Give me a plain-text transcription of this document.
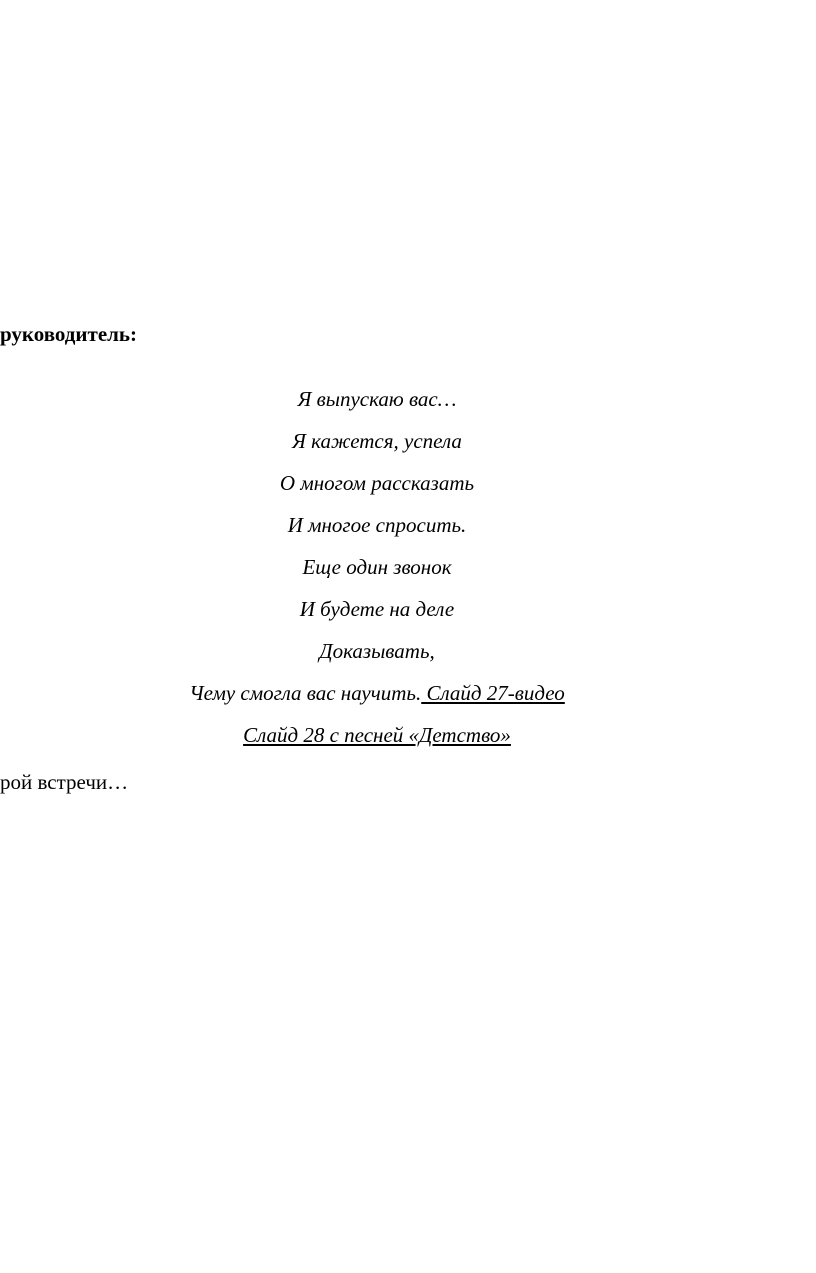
руководитель:

Я выпускаю вас…
Я кажется, успела
О многом рассказать
И многое спросить.
Еще один звонок
И будете на деле
Доказывать,
Чему смогла вас научить. Слайд 27-видео
Слайд 28 с песней «Детство»

рой встречи…
